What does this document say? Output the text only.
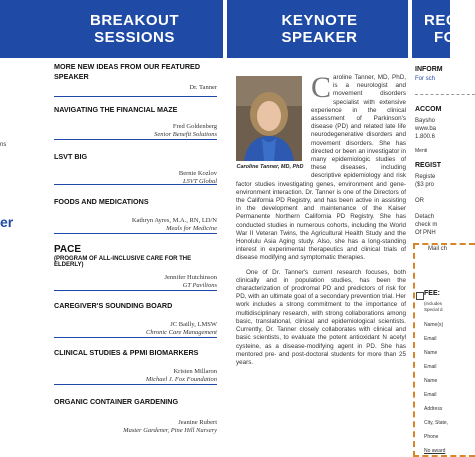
BREAKOUT
SESSIONS
KEYNOTE
SPEAKER
REGIS
FO
ns
er
MORE NEW IDEAS FROM OUR FEATURED SPEAKER
Dr. Tanner
NAVIGATING THE FINANCIAL MAZE
Fred Goldenberg
Senior Benefit Solutions
LSVT BIG
Bernie Kozlov
LSVT Global
FOODS AND MEDICATIONS
Kathryn Ayres, M.A., RN, LD/N
Meals for Medicine
PACE
(PROGRAM OF ALL-INCLUSIVE CARE FOR THE ELDERLY)
Jennifer Hutchinson
GT Pavilions
CAREGIVER'S SOUNDING BOARD
JC Bailly, LMSW
Chronic Care Management
CLINICAL STUDIES & PPMI BIOMARKERS
Kristen Millaron
Michael J. Fox Foundation
ORGANIC CONTAINER GARDENING
Jeanine Rubert
Master Gardener, Pine Hill Nursery
Caroline Tanner, MD, PhD
Caroline Tanner, MD, PhD, is a neurologist and movement disorders specialist with extensive experience in the clinical assessment of Parkinson's disease (PD) and related late life neurodegenerative disorders and movement disorders. She has directed or been an investigator in many epidemiologic studies of these diseases, including descriptive epidemiology and risk factor studies investigating genes, environment and gene-environment interaction. Dr. Tanner is one of the Directors of the California PD Registry, and has been active in assisting in the development and maintenance of the Kaiser Permanente Northern California PD Registry. She has conducted studies in numerous cohorts, including the World War II Veteran Twins, the Agricultural Health Study and the Honolulu Asia Aging study. Also, she has a long-standing interest in experimental therapeutics and clinical trials of disease modifying and symptomatic therapies.
One of Dr. Tanner's current research focuses, both clinically and in population studies, has been the characterization of prodromal PD and predictors of risk for PD, with an ultimate goal of a secondary prevention trial. Her work includes a strong commitment to the importance of multidisciplinary research, with strong collaborations among basic, translational, clinical and epidemiological scientists. Currently, Dr. Tanner closely collaborates with clinical and basic scientists, to evaluate the potent antioxidant N acetyl cysteine, as a disease-modifying agent in PD. She has mentored pre- and post-doctoral students for more than 25 years.
INFORM
For sch
ACCOM
Baysho
www.ba
1.800.6
Menti
REGIST
Registe
($3 pro
OR
Detach
check m
Of PNH
Mail ch
FEE:
(includes
Special d
Name(s)
Email
Name
Email
Name
Email
Address
City, State,
Phone
No award
